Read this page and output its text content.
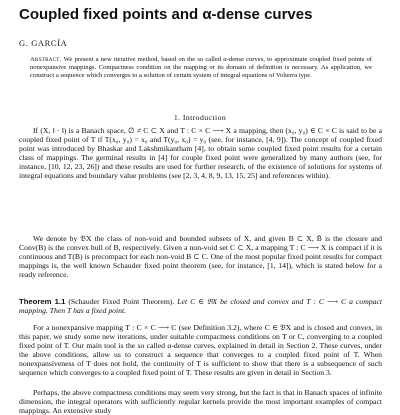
Coupled fixed points and α-dense curves
G. GARCÍA
Abstract. We present a new iterative method, based on the so called α-dense curves, to approximate coupled fixed points of nonexpansive mappings. Compactness condition on the mapping or its domain of definition is necessary. As application, we construct a sequence which converges to a solution of certain system of integral equations of Volterra type.
1. Introduction
If (X, ‖ · ‖) is a Banach space, ∅ ≠ C ⊂ X and T : C × C ⟶ X a mapping, then (x₀, y₀) ∈ C × C is said to be a coupled fixed point of T if T(x₀, y₀) = x₀ and T(y₀, x₀) = y₀ (see, for instance, [4, 9]). The concept of coupled fixed point was introduced by Bhaskar and Lakshmikantham [4], to obtain some coupled fixed point results for a certain class of mappings. The germinal results in [4] for couple fixed point were generalized by many authors (see, for instance, [10, 12, 23, 26]) and these results are used for further research, of the existence of solutions for systems of integral equations and boundary value problems (see [2, 3, 4, 8, 9, 13, 15, 25] and references within).
We denote by 𝔅X the class of non-void and bounded subsets of X, and given B ⊂ X, B̄ is the closure and Conv(B) is the convex hull of B, respectively. Given a non-void set C ⊂ X, a mapping T : C ⟶ X is compact if it is continuous and T(B) is precompact for each non-void B ⊂ C. One of the most popular fixed point results for compact mappings is, the well known Schauder fixed point theorem (see, for instance, [1, 14]), which is stated below for a ready reference.
Theorem 1.1 (Schauder Fixed Point Theorem). Let C ∈ 𝔅X be closed and convex and T : C ⟶ C a compact mapping. Then T has a fixed point.
For a nonexpansive mapping T : C × C ⟶ C (see Definition 3.2), where C ∈ 𝔅X and is closed and convex, in this paper, we study some new iterations, under suitable compactness conditions on T or C, converging to a coupled fixed point of T. Our main tool is the so called α-dense curves, explained in detail in Section 2. These curves, under the above conditions, allow us to construct a sequence that converges to a coupled fixed point of T. When nonexpansiveness of T does not hold, the continuity of T is sufficient to show that there is a subsequence of such sequence which converges to a coupled fixed point of T. These results are given in detail in Section 3.
Perhaps, the above compactness conditions may seem very strong, but the fact is that in Banach spaces of infinite dimension, the integral operators with sufficiently regular kernels provide the most important examples of compact mappings. An extensive study
